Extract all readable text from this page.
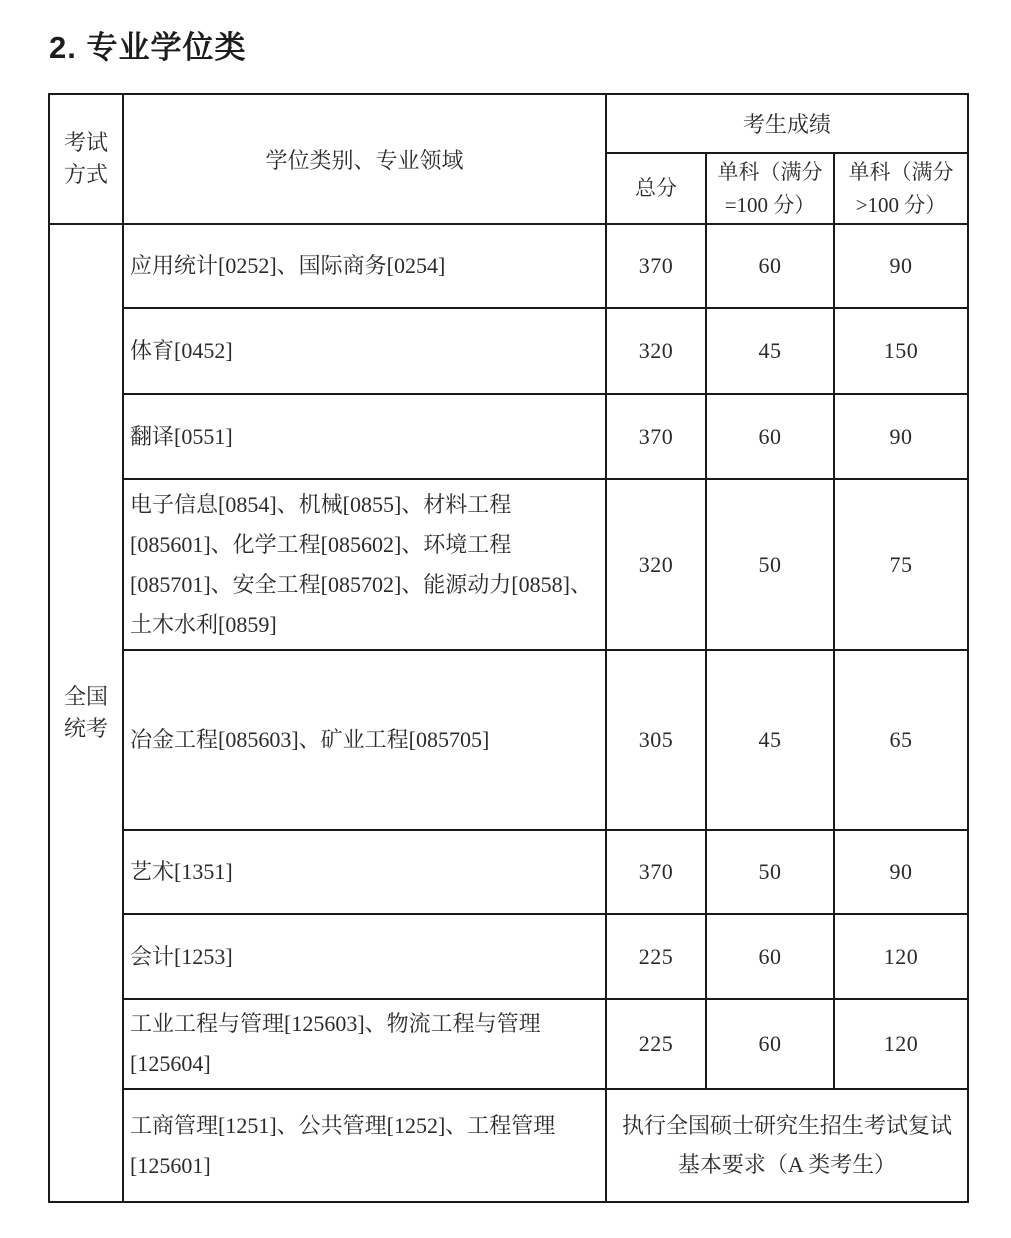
2. 专业学位类
考试方式	学位类别、专业领域	考生成绩		
		总分	单科（满分=100 分）	单科（满分>100 分）
全国统考	应用统计[0252]、国际商务[0254]	370	60	90
	体育[0452]	320	45	150
	翻译[0551]	370	60	90
	电子信息[0854]、机械[0855]、材料工程[085601]、化学工程[085602]、环境工程[085701]、安全工程[085702]、能源动力[0858]、土木水利[0859]	320	50	75
	冶金工程[085603]、矿业工程[085705]	305	45	65
	艺术[1351]	370	50	90
	会计[1253]	225	60	120
	工业工程与管理[125603]、物流工程与管理[125604]	225	60	120
	工商管理[1251]、公共管理[1252]、工程管理[125601]	执行全国硕士研究生招生考试复试基本要求（A 类考生）		
